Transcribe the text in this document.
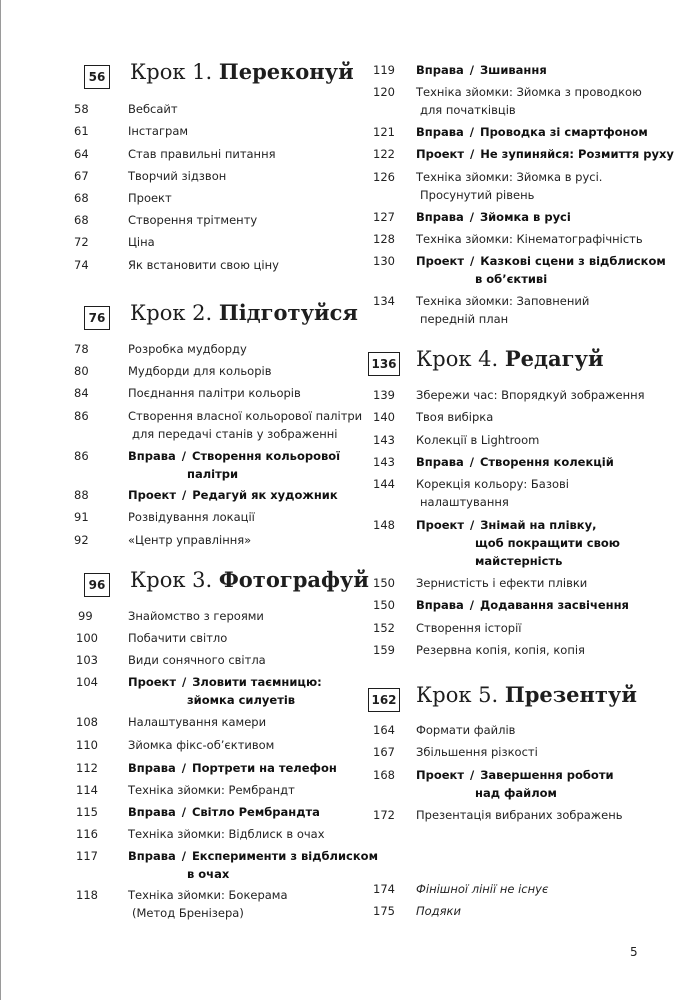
56 Крок 1. Переконуй
58	Вебсайт
61	Інстаграм
64	Став правильні питання
67	Творчий зідзвон
68	Проект
68	Створення трітменту
72	Ціна
74	Як встановити свою ціну
76 Крок 2. Підготуйся
78	Розробка мудборду
80	Мудборди для кольорів
84	Поєднання палітри кольорів
86	Створення власної кольорової палітри
для передачі станів у зображенні
86	Вправа / Створення кольорової
палітри
88	Проект / Редагуй як художник
91	Розвідування локації
92	«Центр управління»
96 Крок 3. Фотографуй
99	Знайомство з героями
100	Побачити світло
103	Види сонячного світла
104	Проект / Зловити таємницю:
зйомка силуетів
108	Налаштування камери
110	Зйомка фікс-об’єктивом
112	Вправа / Портрети на телефон
114	Техніка зйомки: Рембрандт
115	Вправа / Світло Рембрандта
116	Техніка зйомки: Відблиск в очах
117	Вправа / Експерименти з відблиском
в очах
118	Техніка зйомки: Бокерама
(Метод Бренізера)
119	Вправа / Зшивання
120	Техніка зйомки: Зйомка з проводкою
для початківців
121	Вправа / Проводка зі смартфоном
122	Проект / Не зупиняйся: Розмиття руху
126	Техніка зйомки: Зйомка в русі.
Просунутий рівень
127	Вправа / Зйомка в русі
128	Техніка зйомки: Кінематографічність
130	Проект / Казкові сцени з відблиском
в об’єктиві
134	Техніка зйомки: Заповнений
передній план
136 Крок 4. Редагуй
139	Збережи час: Впорядкуй зображення
140	Твоя вибірка
143	Колекції в Lightroom
143	Вправа / Створення колекцій
144	Корекція кольору: Базові
налаштування
148	Проект / Знімай на плівку,
щоб покращити свою
майстерність
150	Зернистість і ефекти плівки
150	Вправа / Додавання засвічення
152	Створення історії
159	Резервна копія, копія, копія
162 Крок 5. Презентуй
164	Формати файлів
167	Збільшення різкості
168	Проект / Завершення роботи
над файлом
172	Презентація вибраних зображень
174	Фінішної лінії не існує
175	Подяки
5
